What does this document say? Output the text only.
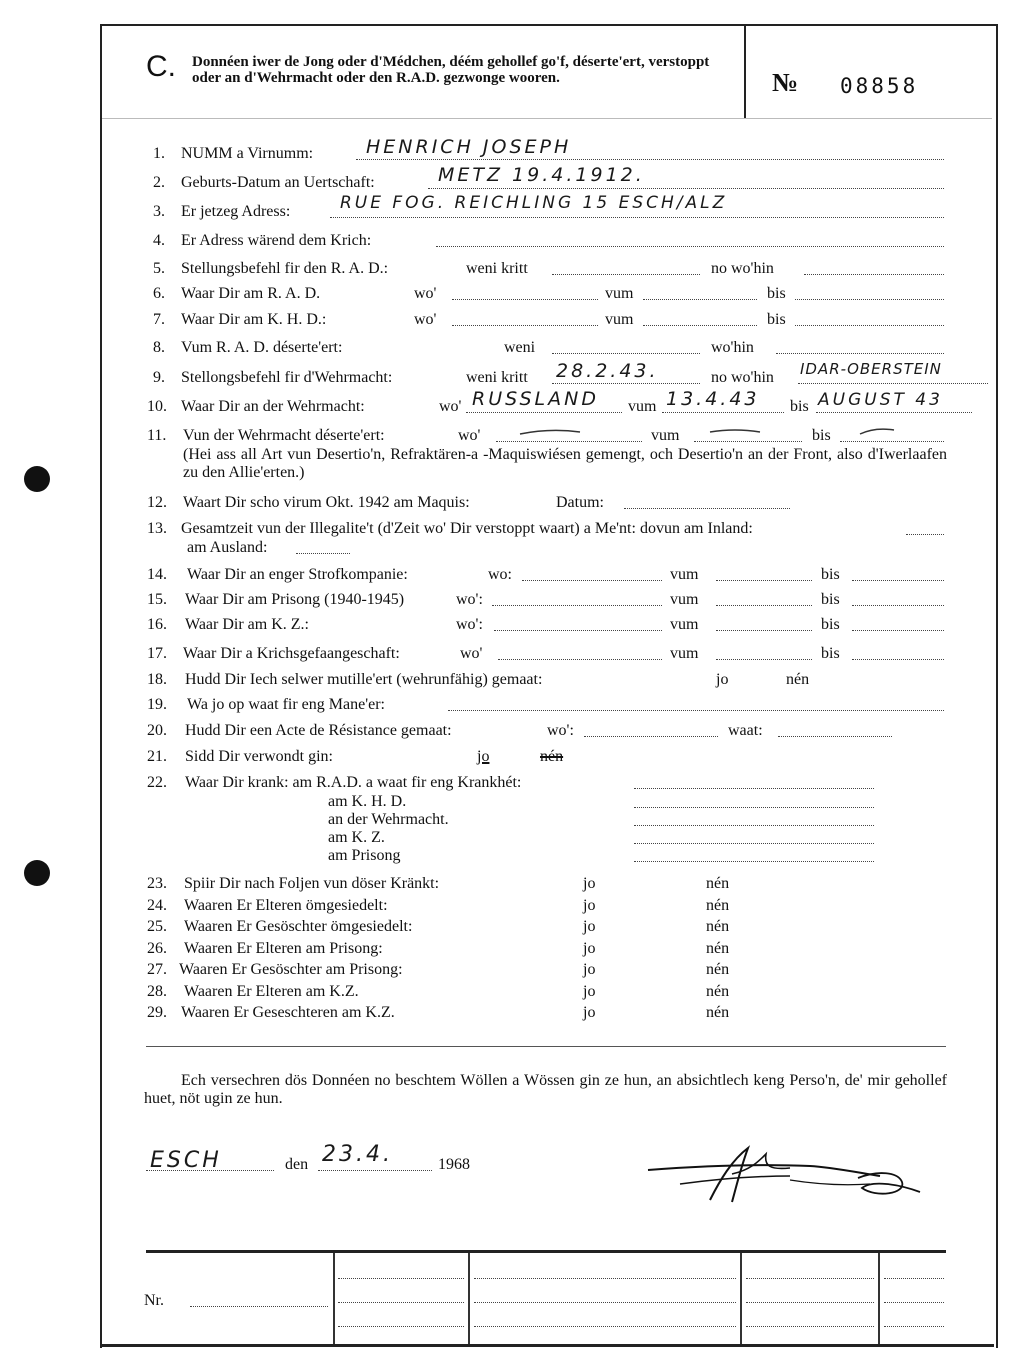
C. Donnéen iwer de Jong oder d'Médchen, déém gehollef go'f, déserte'ert, verstoppt oder an d'Wehrmacht oder den R.A.D. gezwonge wooren.	№ 08858
1. NUMM a Virnumm:	HENRICH JOSEPH
2. Geburts-Datum an Uertschaft:	METZ 19.4.1912.
3. Er jetzeg Adress:	RUE FOG. REICHLING 15 ESCH/ALZ
4. Er Adress wärend dem Krich:
5. Stellungsbefehl fir den R. A. D.:	weni kritt	no wo'hin
6. Waar Dir am R. A. D.	wo'	vum	bis
7. Waar Dir am K. H. D.:	wo'	vum	bis
8. Vum R. A. D. déserte'ert:	weni	wo'hin
9. Stellongsbefehl fir d'Wehrmacht:	weni kritt 28.2.43.	no wo'hin IDAR-OBERSTEIN
10. Waar Dir an der Wehrmacht:	wo' RUSSLAND vum 13.4.43 bis AUGUST 43
11. Vun der Wehrmacht déserte'ert:	wo'	vum	bis
(Hei ass all Art vun Desertio'n, Refraktären-a -Maquiswiésen gemengt, och Desertio'n an der Front, also d'Iwerlaafen zu den Allie'erten.)
12. Waart Dir scho virum Okt. 1942 am Maquis:	Datum:
13. Gesamtzeit vun der Illegalite't (d'Zeit wo' Dir verstoppt waart) a Me'nt: dovun am Inland:
am Ausland:
14. Waar Dir an enger Strofkompanie:	wo:	vum	bis
15. Waar Dir am Prisong (1940-1945)	wo':	vum	bis
16. Waar Dir am K. Z.:	wo':	vum	bis
17. Waar Dir a Krichsgefaangeschaft:	wo'	vum	bis
18. Hudd Dir Iech selwer mutille'ert (wehrunfähig) gemaat:	jo	nén
19. Wa jo op waat fir eng Mane'er:
20. Hudd Dir een Acte de Résistance gemaat:	wo':	waat:
21. Sidd Dir verwondt gin:	jo	nén
22. Waar Dir krank: am R.A.D. a waat fir eng Krankhét:
am K. H. D.
an der Wehrmacht.
am K. Z.
am Prisong
23. Spiir Dir nach Foljen vun döser Kränkt:	jo	nén
24. Waaren Er Elteren ömgesiedelt:	jo	nén
25. Waaren Er Gesöschter ömgesiedelt:	jo	nén
26. Waaren Er Elteren am Prisong:	jo	nén
27. Waaren Er Gesöschter am Prisong:	jo	nén
28. Waaren Er Elteren am K.Z.	jo	nén
29. Waaren Er Geseschteren am K.Z.	jo	nén
Ech versechren dös Donnéen no beschtem Wöllen a Wössen gin ze hun, an absichtlech keng Perso'n, de' mir gehollef huet, nöt ugin ze hun.
ESCH	den 23.4.	1968
Nr.
